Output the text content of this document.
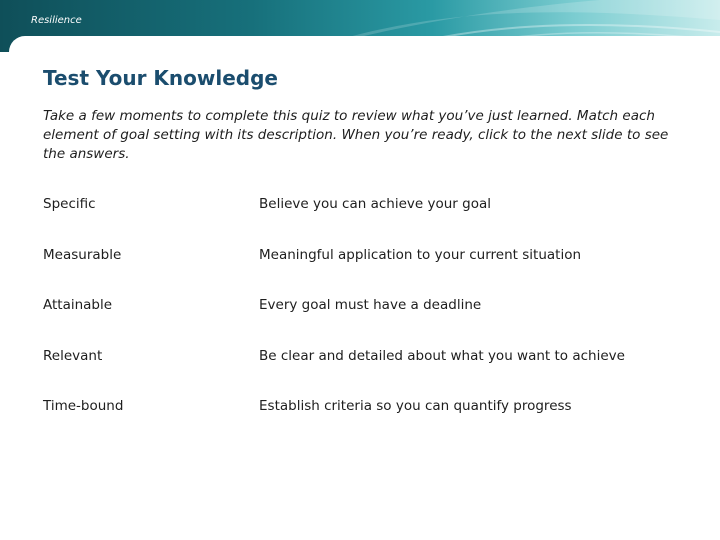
Resilience
Test Your Knowledge

Take a few moments to complete this quiz to review what you’ve just learned. Match each element of goal setting with its description. When you’re ready, click to the next slide to see the answers.

Specific	Believe you can achieve your goal
Measurable	Meaningful application to your current situation
Attainable	Every goal must have a deadline
Relevant	Be clear and detailed about what you want to achieve
Time-bound	Establish criteria so you can quantify progress
